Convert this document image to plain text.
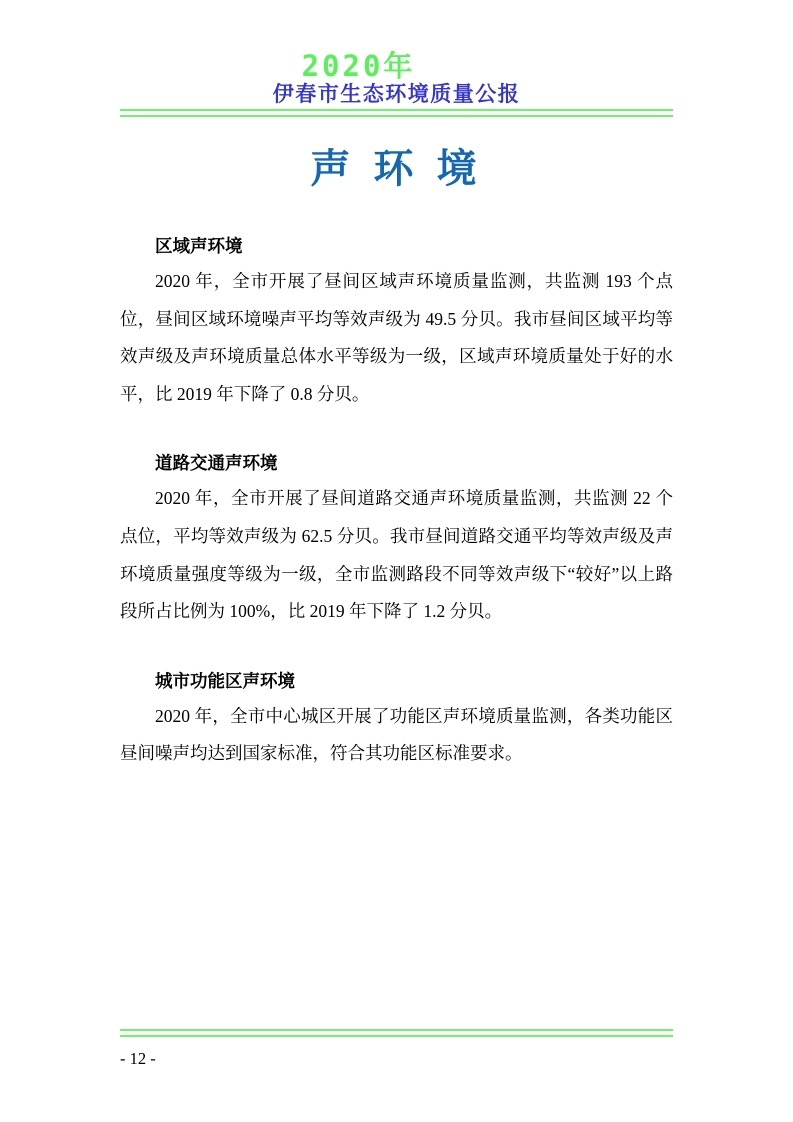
2020年
伊春市生态环境质量公报
声 环 境
区域声环境

2020 年，全市开展了昼间区域声环境质量监测，共监测 193 个点位，昼间区域环境噪声平均等效声级为 49.5 分贝。我市昼间区域平均等效声级及声环境质量总体水平等级为一级，区域声环境质量处于好的水平，比 2019 年下降了 0.8 分贝。

道路交通声环境

2020 年，全市开展了昼间道路交通声环境质量监测，共监测 22 个点位，平均等效声级为 62.5 分贝。我市昼间道路交通平均等效声级及声环境质量强度等级为一级，全市监测路段不同等效声级下“较好”以上路段所占比例为 100%，比 2019 年下降了 1.2 分贝。

城市功能区声环境

2020 年，全市中心城区开展了功能区声环境质量监测，各类功能区昼间噪声均达到国家标准，符合其功能区标准要求。

- 12 -
